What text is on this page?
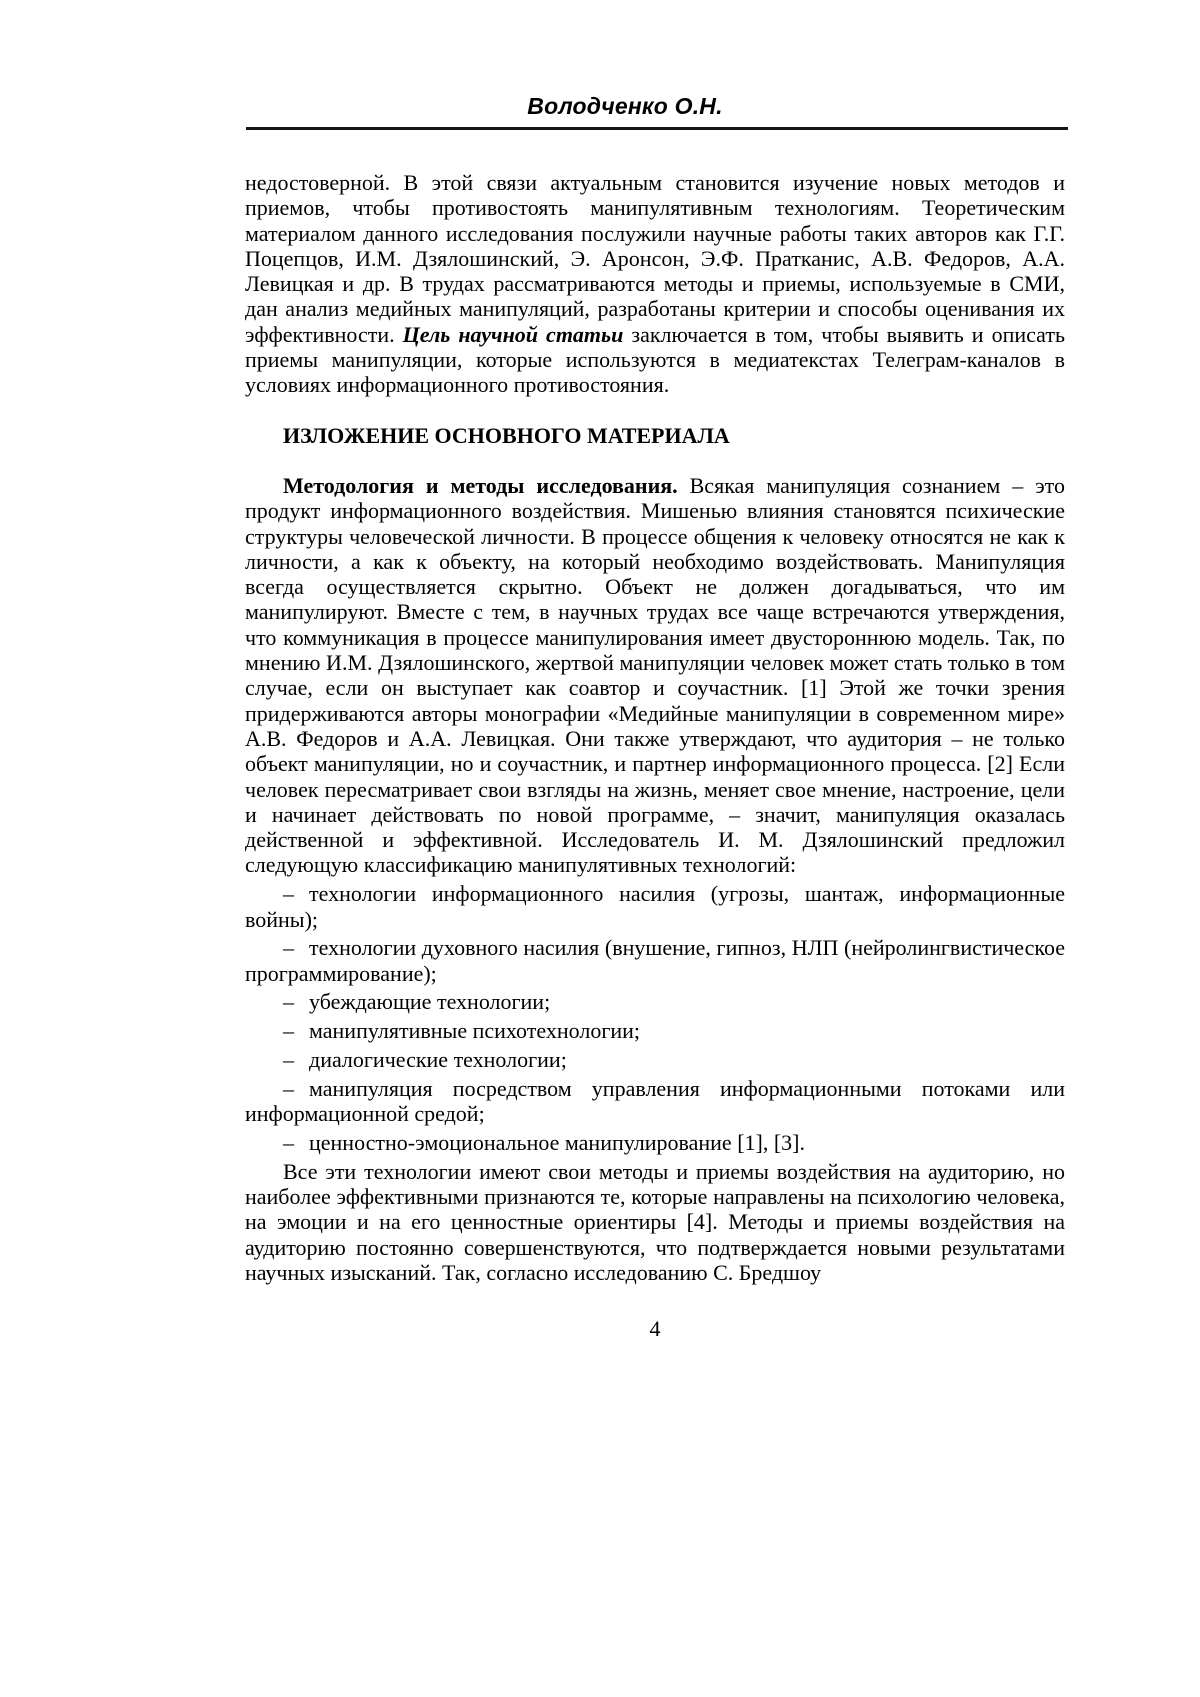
Володченко О.Н.

недостоверной. В этой связи актуальным становится изучение новых методов и приемов, чтобы противостоять манипулятивным технологиям. Теоретическим материалом данного исследования послужили научные работы таких авторов как Г.Г. Поцепцов, И.М. Дзялошинский, Э. Аронсон, Э.Ф. Пратканис, А.В. Федоров, А.А. Левицкая и др. В трудах рассматриваются методы и приемы, используемые в СМИ, дан анализ медийных манипуляций, разработаны критерии и способы оценивания их эффективности. Цель научной статьи заключается в том, чтобы выявить и описать приемы манипуляции, которые используются в медиатекстах Телеграм-каналов в условиях информационного противостояния.

ИЗЛОЖЕНИЕ ОСНОВНОГО МАТЕРИАЛА

Методология и методы исследования. Всякая манипуляция сознанием – это продукт информационного воздействия. Мишенью влияния становятся психические структуры человеческой личности. В процессе общения к человеку относятся не как к личности, а как к объекту, на который необходимо воздействовать. Манипуляция всегда осуществляется скрытно. Объект не должен догадываться, что им манипулируют. Вместе с тем, в научных трудах все чаще встречаются утверждения, что коммуникация в процессе манипулирования имеет двустороннюю модель. Так, по мнению И.М. Дзялошинского, жертвой манипуляции человек может стать только в том случае, если он выступает как соавтор и соучастник. [1] Этой же точки зрения придерживаются авторы монографии «Медийные манипуляции в современном мире» А.В. Федоров и А.А. Левицкая. Они также утверждают, что аудитория – не только объект манипуляции, но и соучастник, и партнер информационного процесса. [2] Если человек пересматривает свои взгляды на жизнь, меняет свое мнение, настроение, цели и начинает действовать по новой программе, – значит, манипуляция оказалась действенной и эффективной. Исследователь И. М. Дзялошинский предложил следующую классификацию манипулятивных технологий:

– технологии информационного насилия (угрозы, шантаж, информационные войны);

– технологии духовного насилия (внушение, гипноз, НЛП (нейролингвистическое программирование);

– убеждающие технологии;

– манипулятивные психотехнологии;

– диалогические технологии;

– манипуляция посредством управления информационными потоками или информационной средой;

– ценностно-эмоциональное манипулирование [1], [3].

Все эти технологии имеют свои методы и приемы воздействия на аудиторию, но наиболее эффективными признаются те, которые направлены на психологию человека, на эмоции и на его ценностные ориентиры [4]. Методы и приемы воздействия на аудиторию постоянно совершенствуются, что подтверждается новыми результатами научных изысканий. Так, согласно исследованию С. Бредшоу

4
